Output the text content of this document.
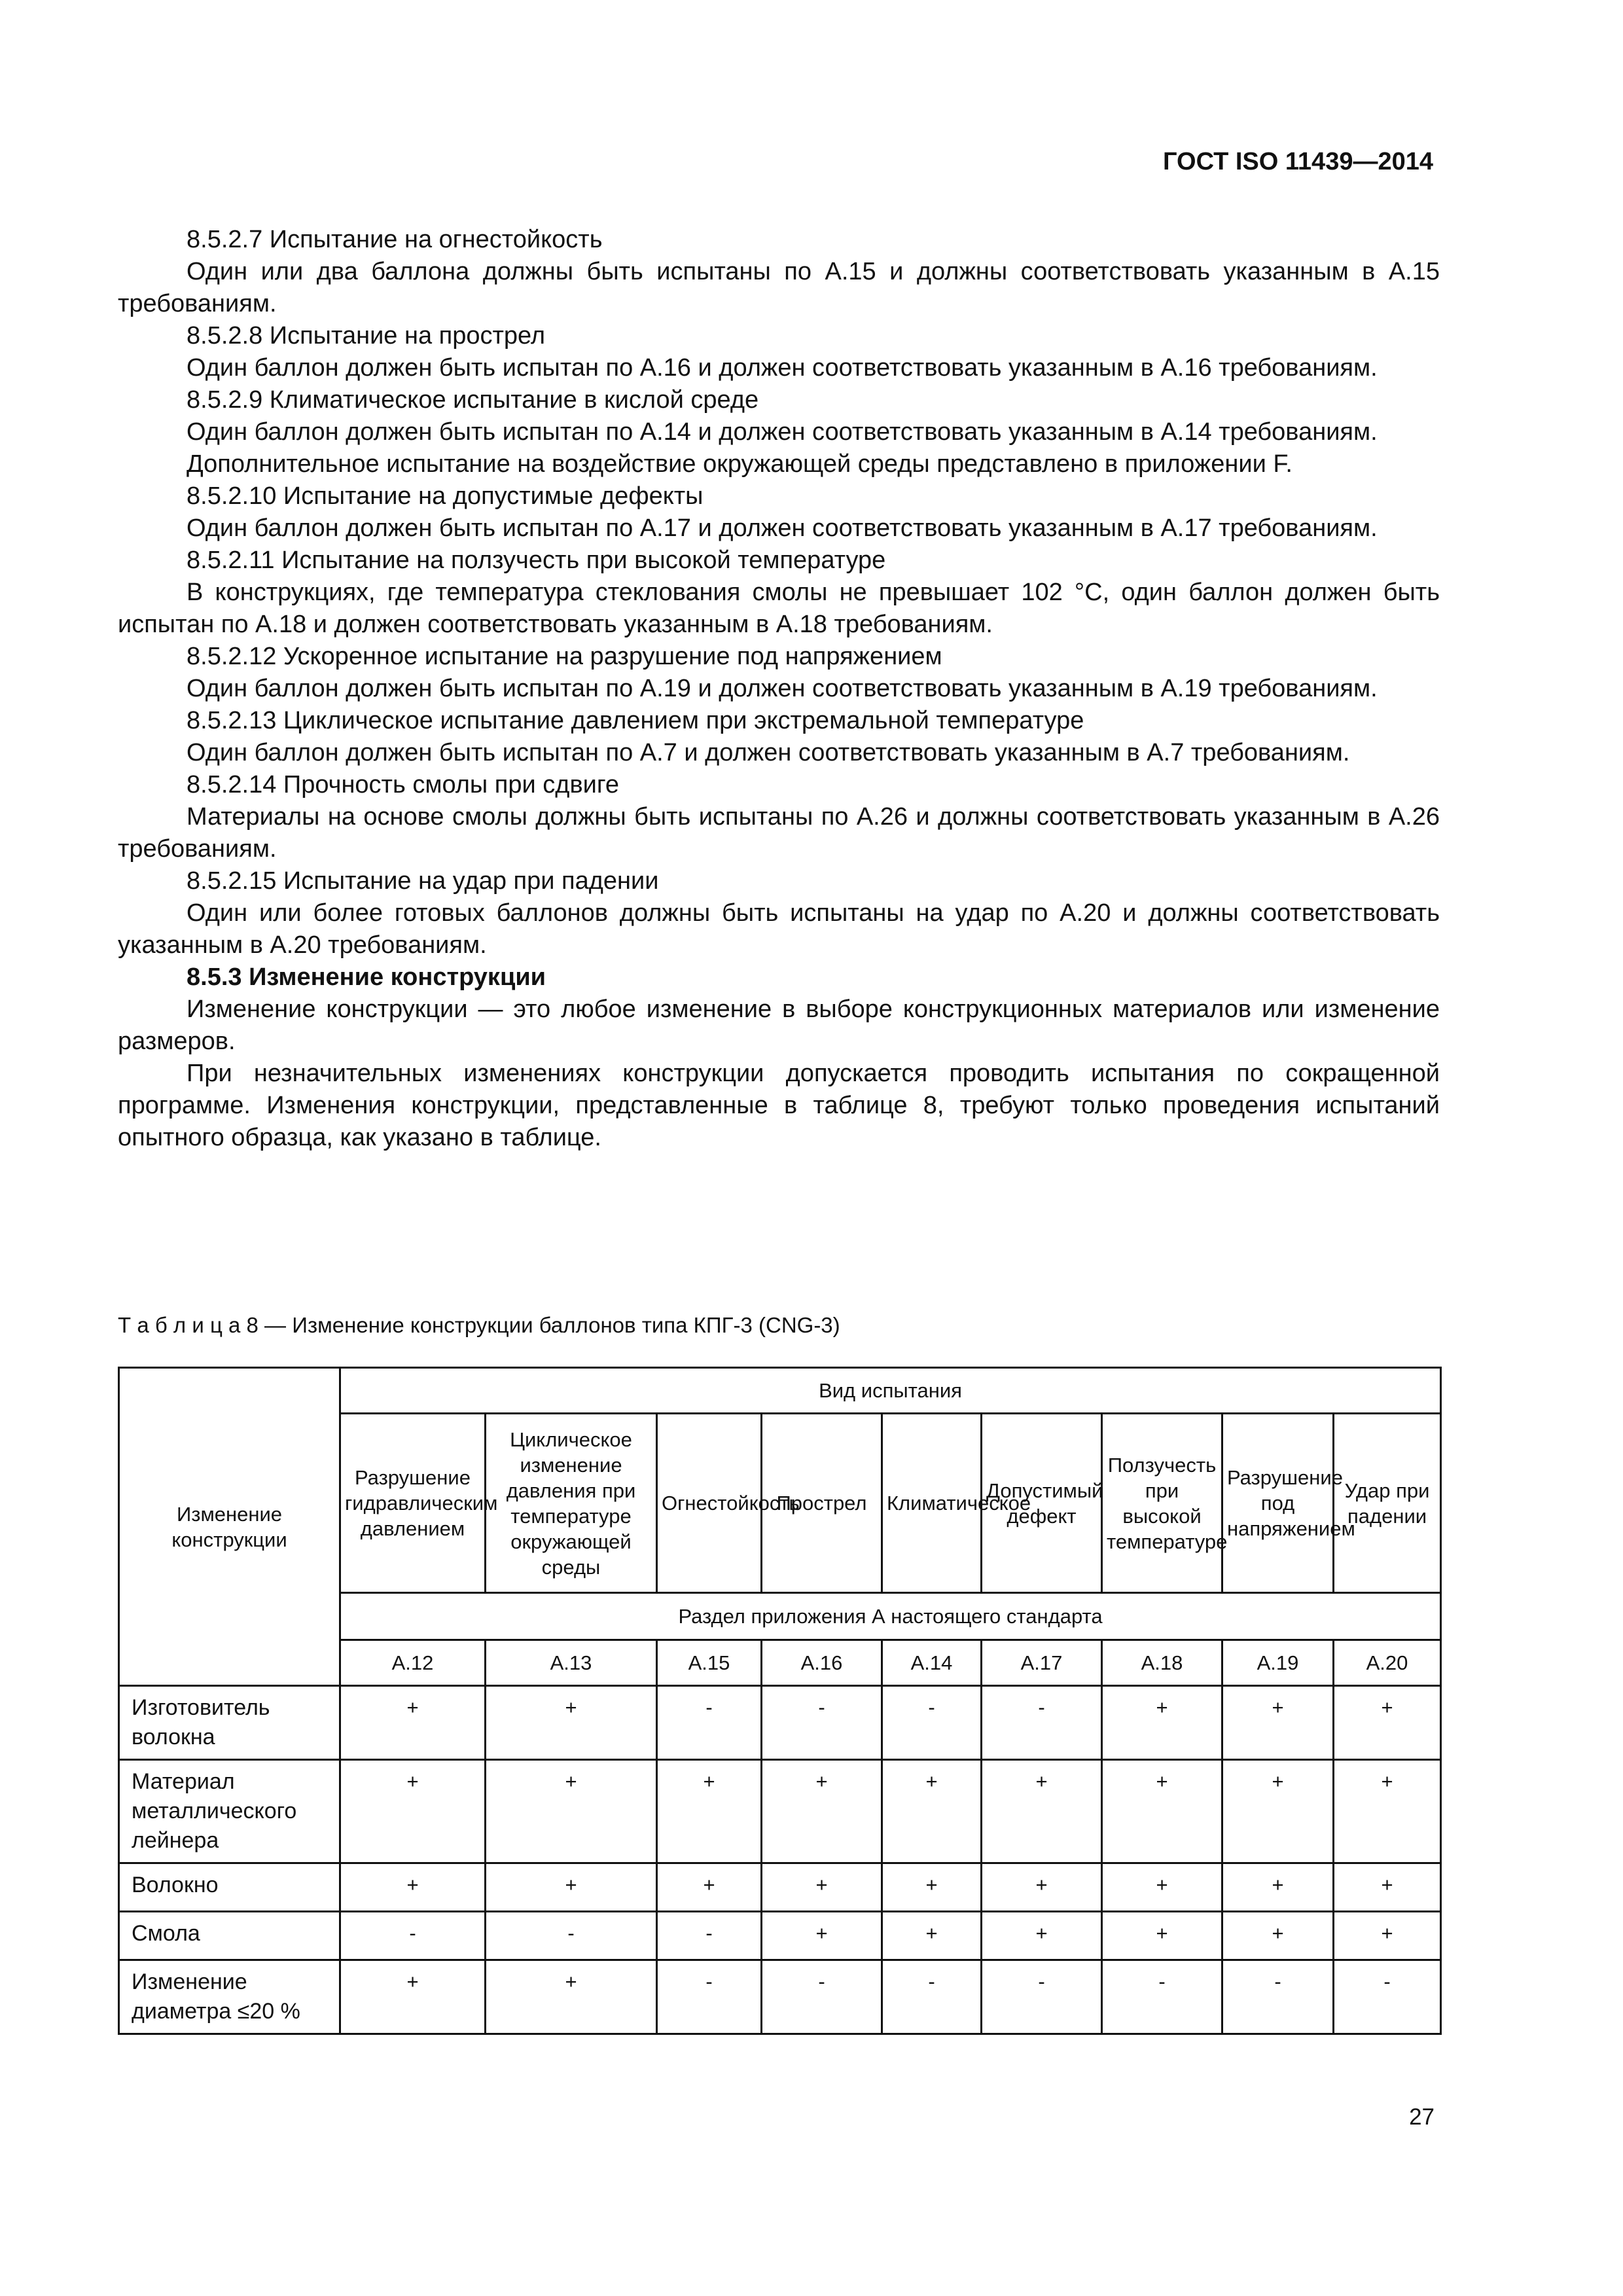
ГОСТ ISO 11439—2014

8.5.2.7 Испытание на огнестойкость

Один или два баллона должны быть испытаны по А.15 и должны соответствовать указанным в А.15 требованиям.

8.5.2.8 Испытание на прострел

Один баллон должен быть испытан по А.16 и должен соответствовать указанным в А.16 требованиям.

8.5.2.9 Климатическое испытание в кислой среде

Один баллон должен быть испытан по А.14 и должен соответствовать указанным в А.14 требованиям.

Дополнительное испытание на воздействие окружающей среды представлено в приложении F.

8.5.2.10 Испытание на допустимые дефекты

Один баллон должен быть испытан по А.17 и должен соответствовать указанным в А.17 требованиям.

8.5.2.11 Испытание на ползучесть при высокой температуре

В конструкциях, где температура стеклования смолы не превышает 102 °С, один баллон должен быть испытан по А.18 и должен соответствовать указанным в А.18 требованиям.

8.5.2.12 Ускоренное испытание на разрушение под напряжением

Один баллон должен быть испытан по А.19 и должен соответствовать указанным в А.19 требованиям.

8.5.2.13 Циклическое испытание давлением при экстремальной температуре

Один баллон должен быть испытан по А.7 и должен соответствовать указанным в А.7 требованиям.

8.5.2.14 Прочность смолы при сдвиге

Материалы на основе смолы должны быть испытаны по А.26 и должны соответствовать указанным в А.26 требованиям.

8.5.2.15 Испытание на удар при падении

Один или более готовых баллонов должны быть испытаны на удар по А.20 и должны соответствовать указанным в А.20 требованиям.

8.5.3 Изменение конструкции

Изменение конструкции — это любое изменение в выборе конструкционных материалов или изменение размеров.

При незначительных изменениях конструкции допускается проводить испытания по сокращенной программе. Изменения конструкции, представленные в таблице 8, требуют только проведения испытаний опытного образца, как указано в таблице.

Т а б л и ц а 8 — Изменение конструкции баллонов типа КПГ-3 (CNG-3)
Изменение конструкции	Вид испытания								
	Разрушение гидравлическим давлением	Циклическое изменение давления при температуре окружающей среды	Огнестойкость	Прострел	Климатическое	Допустимый дефект	Ползучесть при высокой температуре	Разрушение под напряжением	Удар при падении
	Раздел приложения А настоящего стандарта								
	А.12	А.13	А.15	А.16	А.14	А.17	А.18	А.19	А.20
Изготовитель волокна	+	+	-	-	-	-	+	+	+
Материал металлического лейнера	+	+	+	+	+	+	+	+	+
Волокно	+	+	+	+	+	+	+	+	+
Смола	-	-	-	+	+	+	+	+	+
Изменение диаметра ≤20 %	+	+	-	-	-	-	-	-	-
27
